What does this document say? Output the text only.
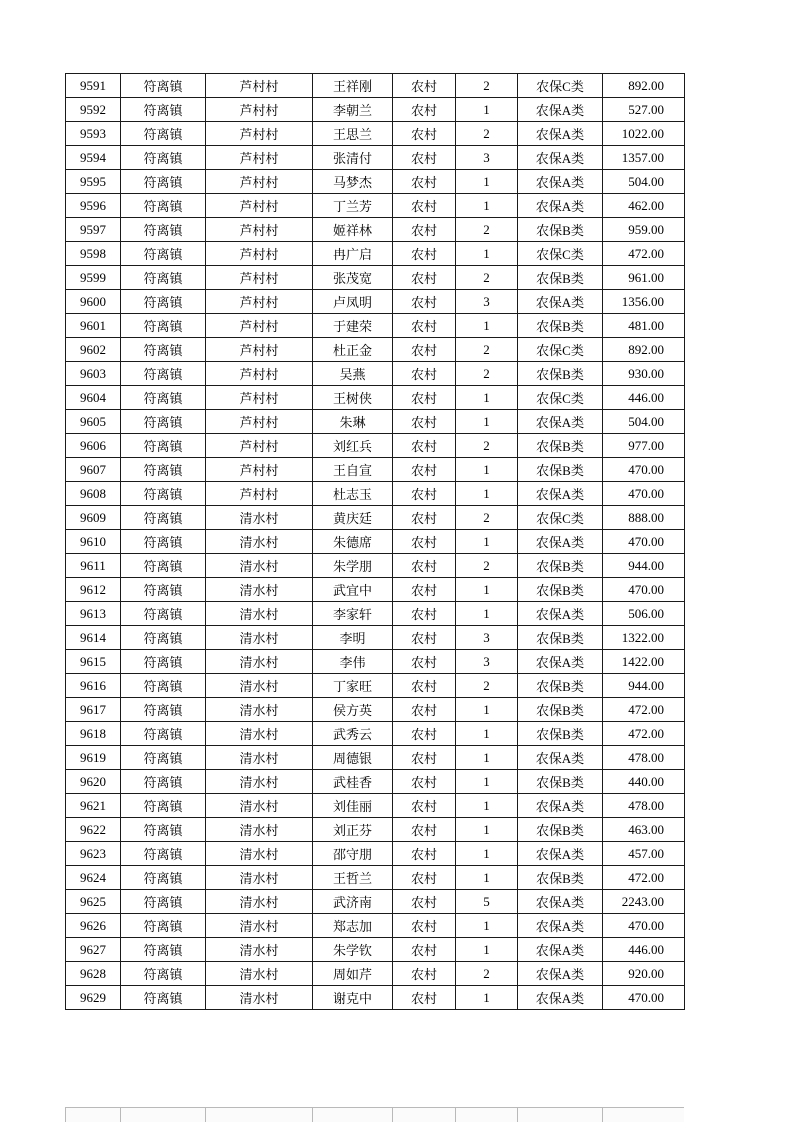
9591	符离镇	芦村村	王祥刚	农村	2	农保C类	892.00
9592	符离镇	芦村村	李朝兰	农村	1	农保A类	527.00
9593	符离镇	芦村村	王思兰	农村	2	农保A类	1022.00
9594	符离镇	芦村村	张清付	农村	3	农保A类	1357.00
9595	符离镇	芦村村	马梦杰	农村	1	农保A类	504.00
9596	符离镇	芦村村	丁兰芳	农村	1	农保A类	462.00
9597	符离镇	芦村村	姬祥林	农村	2	农保B类	959.00
9598	符离镇	芦村村	冉广启	农村	1	农保C类	472.00
9599	符离镇	芦村村	张茂宽	农村	2	农保B类	961.00
9600	符离镇	芦村村	卢凤明	农村	3	农保A类	1356.00
9601	符离镇	芦村村	于建荣	农村	1	农保B类	481.00
9602	符离镇	芦村村	杜正金	农村	2	农保C类	892.00
9603	符离镇	芦村村	吴燕	农村	2	农保B类	930.00
9604	符离镇	芦村村	王树侠	农村	1	农保C类	446.00
9605	符离镇	芦村村	朱琳	农村	1	农保A类	504.00
9606	符离镇	芦村村	刘红兵	农村	2	农保B类	977.00
9607	符离镇	芦村村	王自宣	农村	1	农保B类	470.00
9608	符离镇	芦村村	杜志玉	农村	1	农保A类	470.00
9609	符离镇	清水村	黄庆廷	农村	2	农保C类	888.00
9610	符离镇	清水村	朱德席	农村	1	农保A类	470.00
9611	符离镇	清水村	朱学朋	农村	2	农保B类	944.00
9612	符离镇	清水村	武宜中	农村	1	农保B类	470.00
9613	符离镇	清水村	李家轩	农村	1	农保A类	506.00
9614	符离镇	清水村	李明	农村	3	农保B类	1322.00
9615	符离镇	清水村	李伟	农村	3	农保A类	1422.00
9616	符离镇	清水村	丁家旺	农村	2	农保B类	944.00
9617	符离镇	清水村	侯方英	农村	1	农保B类	472.00
9618	符离镇	清水村	武秀云	农村	1	农保B类	472.00
9619	符离镇	清水村	周德银	农村	1	农保A类	478.00
9620	符离镇	清水村	武桂香	农村	1	农保B类	440.00
9621	符离镇	清水村	刘佳丽	农村	1	农保A类	478.00
9622	符离镇	清水村	刘正芬	农村	1	农保B类	463.00
9623	符离镇	清水村	邵守朋	农村	1	农保A类	457.00
9624	符离镇	清水村	王哲兰	农村	1	农保B类	472.00
9625	符离镇	清水村	武济南	农村	5	农保A类	2243.00
9626	符离镇	清水村	郑志加	农村	1	农保A类	470.00
9627	符离镇	清水村	朱学钦	农村	1	农保A类	446.00
9628	符离镇	清水村	周如芹	农村	2	农保A类	920.00
9629	符离镇	清水村	谢克中	农村	1	农保A类	470.00
